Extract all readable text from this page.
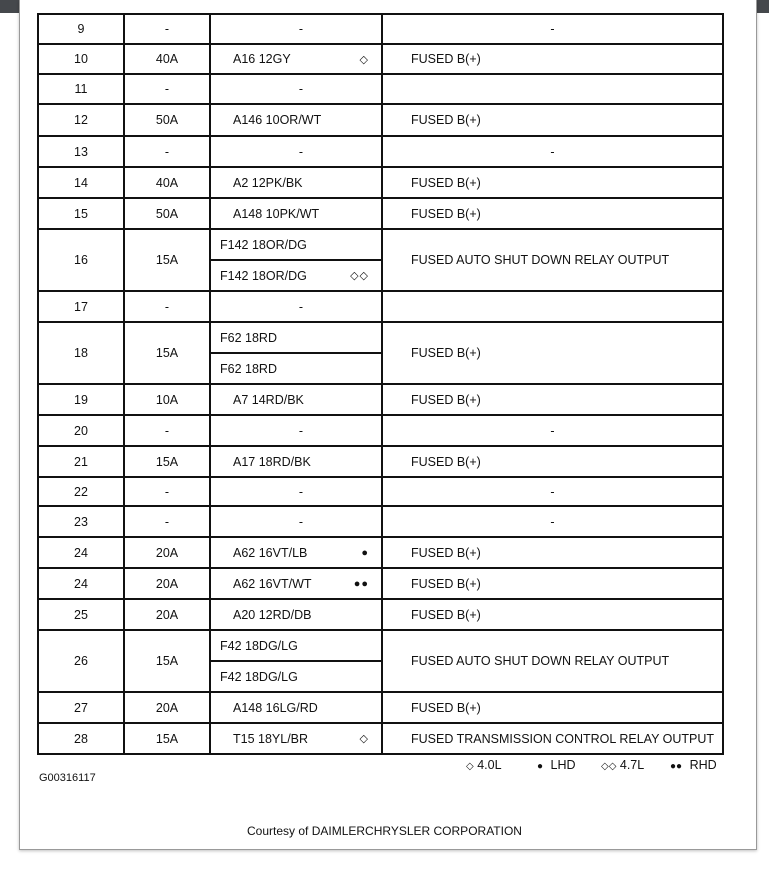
9	-	-	-

10	40A	A16 12GY ◇	FUSED B(+)

11	-	-	

12	50A	A146 10OR/WT	FUSED B(+)

13	-	-	-

14	40A	A2 12PK/BK	FUSED B(+)

15	50A	A148 10PK/WT	FUSED B(+)

16	15A	F142 18OR/DG
F142 18OR/DG ◇◇	FUSED AUTO SHUT DOWN RELAY OUTPUT

17	-	-	

18	15A	F62 18RD
F62 18RD	FUSED B(+)

19	10A	A7 14RD/BK	FUSED B(+)

20	-	-	-

21	15A	A17 18RD/BK	FUSED B(+)

22	-	-	-

23	-	-	-

24	20A	A62 16VT/LB ●	FUSED B(+)

24	20A	A62 16VT/WT ●●	FUSED B(+)

25	20A	A20 12RD/DB	FUSED B(+)

26	15A	F42 18DG/LG
F42 18DG/LG	FUSED AUTO SHUT DOWN RELAY OUTPUT

27	20A	A148 16LG/RD	FUSED B(+)

28	15A	T15 18YL/BR ◇	FUSED TRANSMISSION CONTROL RELAY OUTPUT
◇ 4.0L	● LHD	◇◇ 4.7L	●● RHD
G00316117
Courtesy of DAIMLERCHRYSLER CORPORATION
